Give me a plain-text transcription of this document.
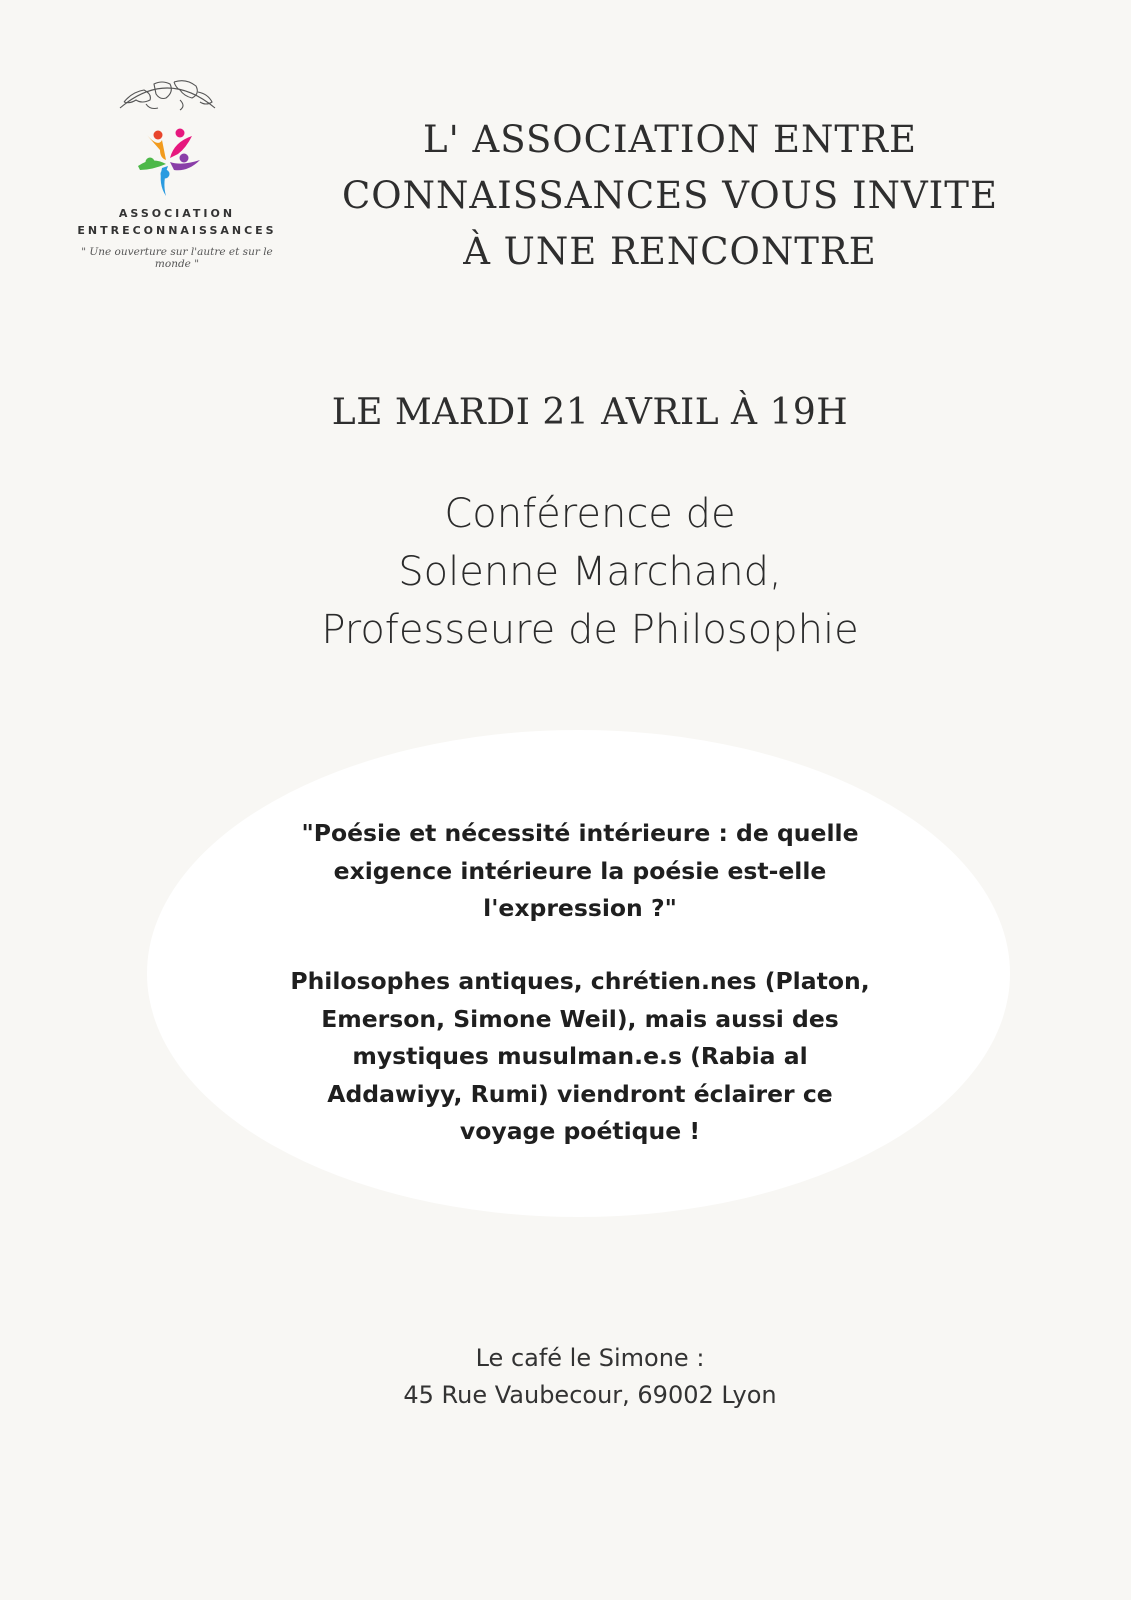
ASSOCIATION
ENTRECONNAISSANCES
" Une ouverture sur l'autre et sur le monde "
L' ASSOCIATION ENTRE
CONNAISSANCES VOUS INVITE
À UNE RENCONTRE
LE MARDI 21 AVRIL À 19H
Conférence de
Solenne Marchand,
Professeure de Philosophie
"Poésie et nécessité intérieure : de quelle
exigence intérieure la poésie est-elle
l'expression ?"
Philosophes antiques, chrétien.nes (Platon,
Emerson, Simone Weil), mais aussi des
mystiques musulman.e.s (Rabia al
Addawiyy, Rumi) viendront éclairer ce
voyage poétique !
Le café le Simone :
45 Rue Vaubecour, 69002 Lyon
